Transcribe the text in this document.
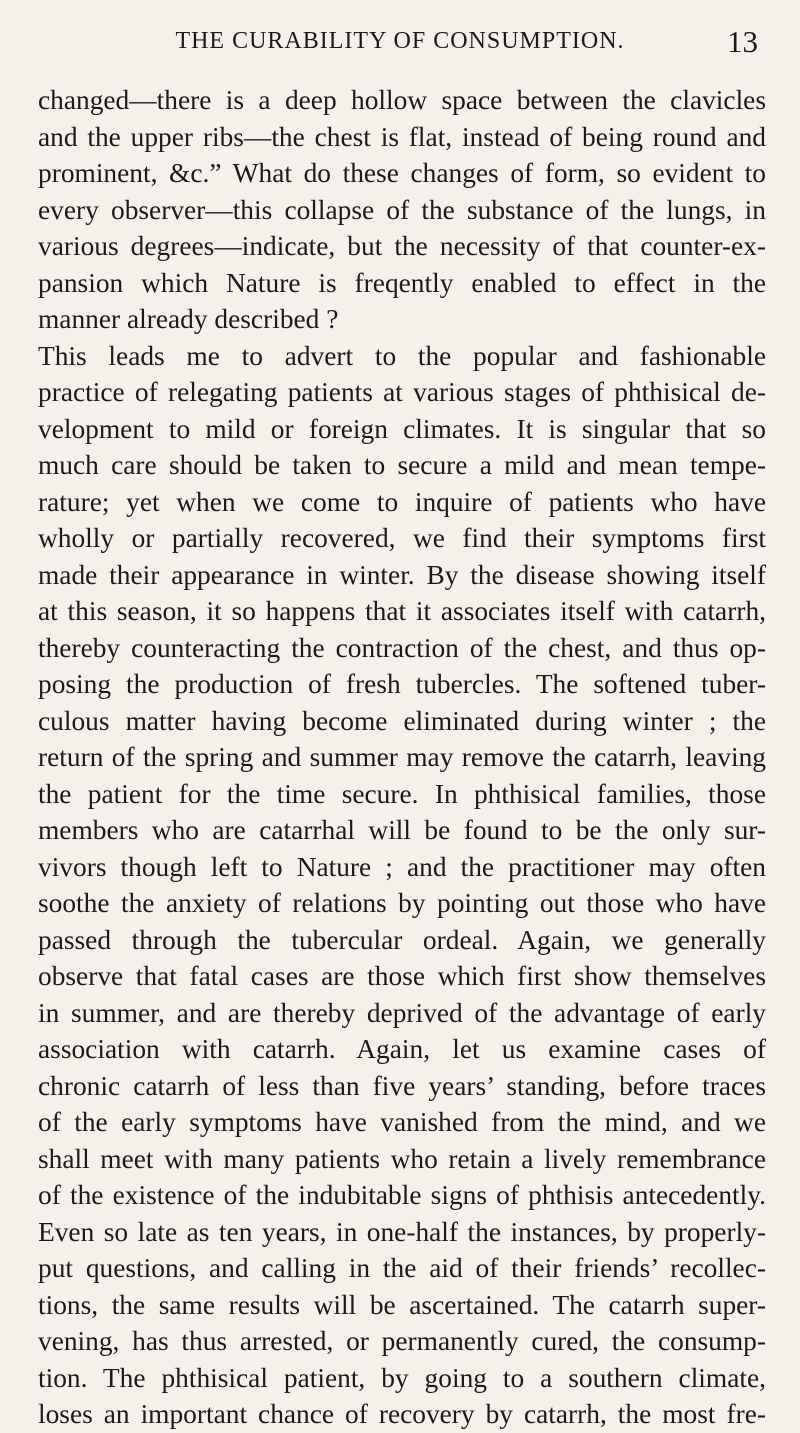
THE CURABILITY OF CONSUMPTION.	13
changed—there is a deep hollow space between the clavicles
and the upper ribs—the chest is flat, instead of being round and
prominent, &c.” What do these changes of form, so evident to
every observer—this collapse of the substance of the lungs, in
various degrees—indicate, but the necessity of that counter-ex-
pansion which Nature is freqently enabled to effect in the
manner already described ?
This leads me to advert to the popular and fashionable
practice of relegating patients at various stages of phthisical de-
velopment to mild or foreign climates. It is singular that so
much care should be taken to secure a mild and mean tempe-
rature; yet when we come to inquire of patients who have
wholly or partially recovered, we find their symptoms first
made their appearance in winter. By the disease showing itself
at this season, it so happens that it associates itself with catarrh,
thereby counteracting the contraction of the chest, and thus op-
posing the production of fresh tubercles. The softened tuber-
culous matter having become eliminated during winter ; the
return of the spring and summer may remove the catarrh, leaving
the patient for the time secure. In phthisical families, those
members who are catarrhal will be found to be the only sur-
vivors though left to Nature ; and the practitioner may often
soothe the anxiety of relations by pointing out those who have
passed through the tubercular ordeal. Again, we generally
observe that fatal cases are those which first show themselves
in summer, and are thereby deprived of the advantage of early
association with catarrh. Again, let us examine cases of
chronic catarrh of less than five years’ standing, before traces
of the early symptoms have vanished from the mind, and we
shall meet with many patients who retain a lively remembrance
of the existence of the indubitable signs of phthisis antecedently.
Even so late as ten years, in one-half the instances, by properly-
put questions, and calling in the aid of their friends’ recollec-
tions, the same results will be ascertained. The catarrh super-
vening, has thus arrested, or permanently cured, the consump-
tion. The phthisical patient, by going to a southern climate,
loses an important chance of recovery by catarrh, the most fre-
